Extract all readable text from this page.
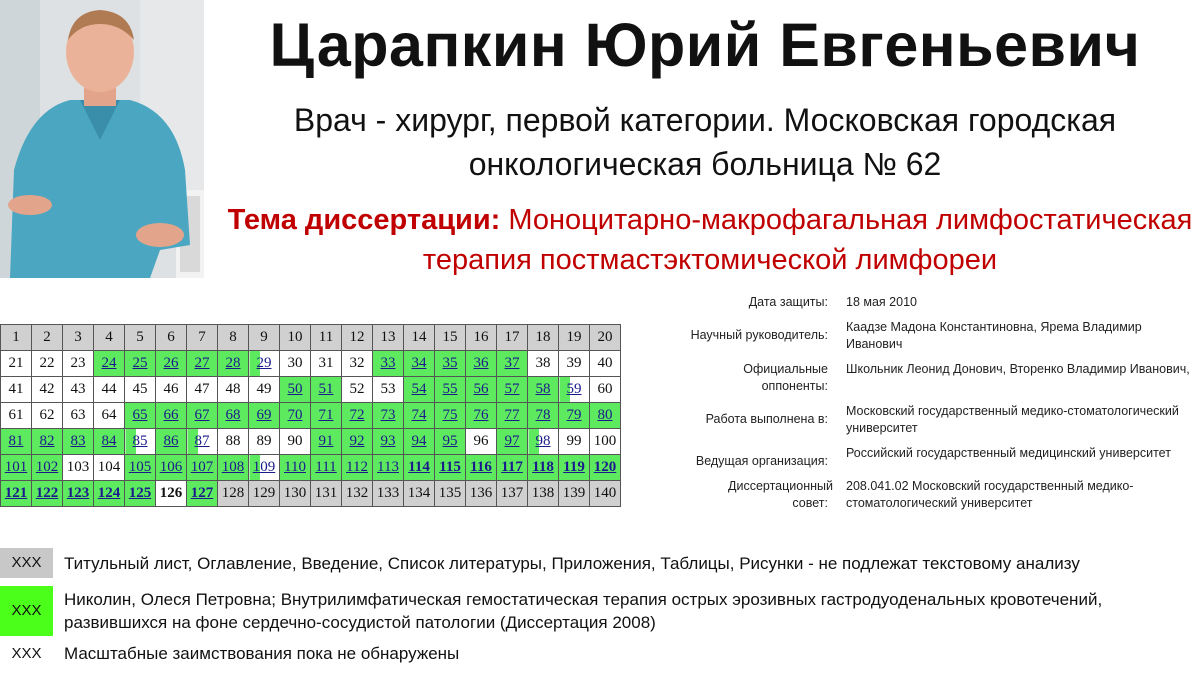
Царапкин Юрий Евгеньевич
Врач - хирург, первой категории. Московская городская онкологическая больница № 62
Тема диссертации: Моноцитарно-макрофагальная лимфостатическая терапия постмастэктомической лимфореи
1	2	3	4	5	6	7	8	9	10	11	12	13	14	15	16	17	18	19	20
21	22	23	24	25	26	27	28	29	30	31	32	33	34	35	36	37	38	39	40
41	42	43	44	45	46	47	48	49	50	51	52	53	54	55	56	57	58	59	60
61	62	63	64	65	66	67	68	69	70	71	72	73	74	75	76	77	78	79	80
81	82	83	84	85	86	87	88	89	90	91	92	93	94	95	96	97	98	99	100
101	102	103	104	105	106	107	108	109	110	111	112	113	114	115	116	117	118	119	120
121	122	123	124	125	126	127	128	129	130	131	132	133	134	135	136	137	138	139	140
Дата защиты:	18 мая 2010
Научный руководитель:
Каадзе Мадона Константиновна, Ярема Владимир Иванович
Официальные оппоненты:
Школьник Леонид Донович, Вторенко Владимир Иванович,
Работа выполнена в:
Московский государственный медико-стоматологический университет
Ведущая организация:
Российский государственный медицинский университет
Диссертационный совет:
208.041.02 Московский государственный медико-стоматологический университет
XXX	Титульный лист, Оглавление, Введение, Список литературы, Приложения, Таблицы, Рисунки - не подлежат текстовому анализу
XXX
Николин, Олеся Петровна; Внутрилимфатическая гемостатическая терапия острых эрозивных гастродуоденальных кровотечений, развившихся на фоне сердечно-сосудистой патологии (Диссертация 2008)
XXX	Масштабные заимствования пока не обнаружены
